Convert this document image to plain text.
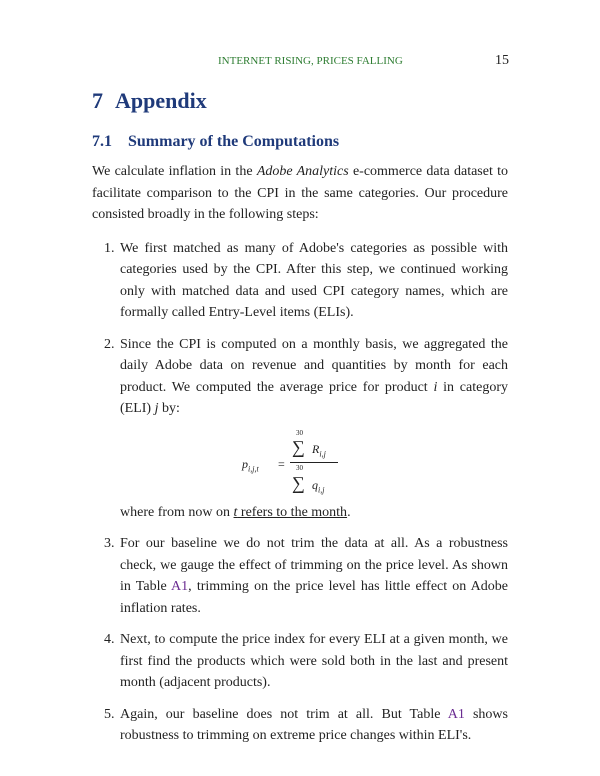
INTERNET RISING, PRICES FALLING	15
7 Appendix
7.1 Summary of the Computations

We calculate inflation in the Adobe Analytics e-commerce data dataset to facilitate comparison to the CPI in the same categories. Our procedure consisted broadly in the following steps:

1. We first matched as many of Adobe's categories as possible with categories used by the CPI. After this step, we continued working only with matched data and used CPI category names, which are formally called Entry-Level items (ELIs).
2. Since the CPI is computed on a monthly basis, we aggregated the daily Adobe data on revenue and quantities by month for each product. We computed the average price for product i in category (ELI) j by:
$p_{i,j,t}$ =
30
∑ $R_{i,j}$
30
∑ $q_{i,j}$
where from now on t refers to the month.
3. For our baseline we do not trim the data at all. As a robustness check, we gauge the effect of trimming on the price level. As shown in Table A1, trimming on the price level has little effect on Adobe inflation rates.
4. Next, to compute the price index for every ELI at a given month, we first find the products which were sold both in the last and present month (adjacent products).
5. Again, our baseline does not trim at all. But Table A1 shows robustness to trimming on extreme price changes within ELI's.
